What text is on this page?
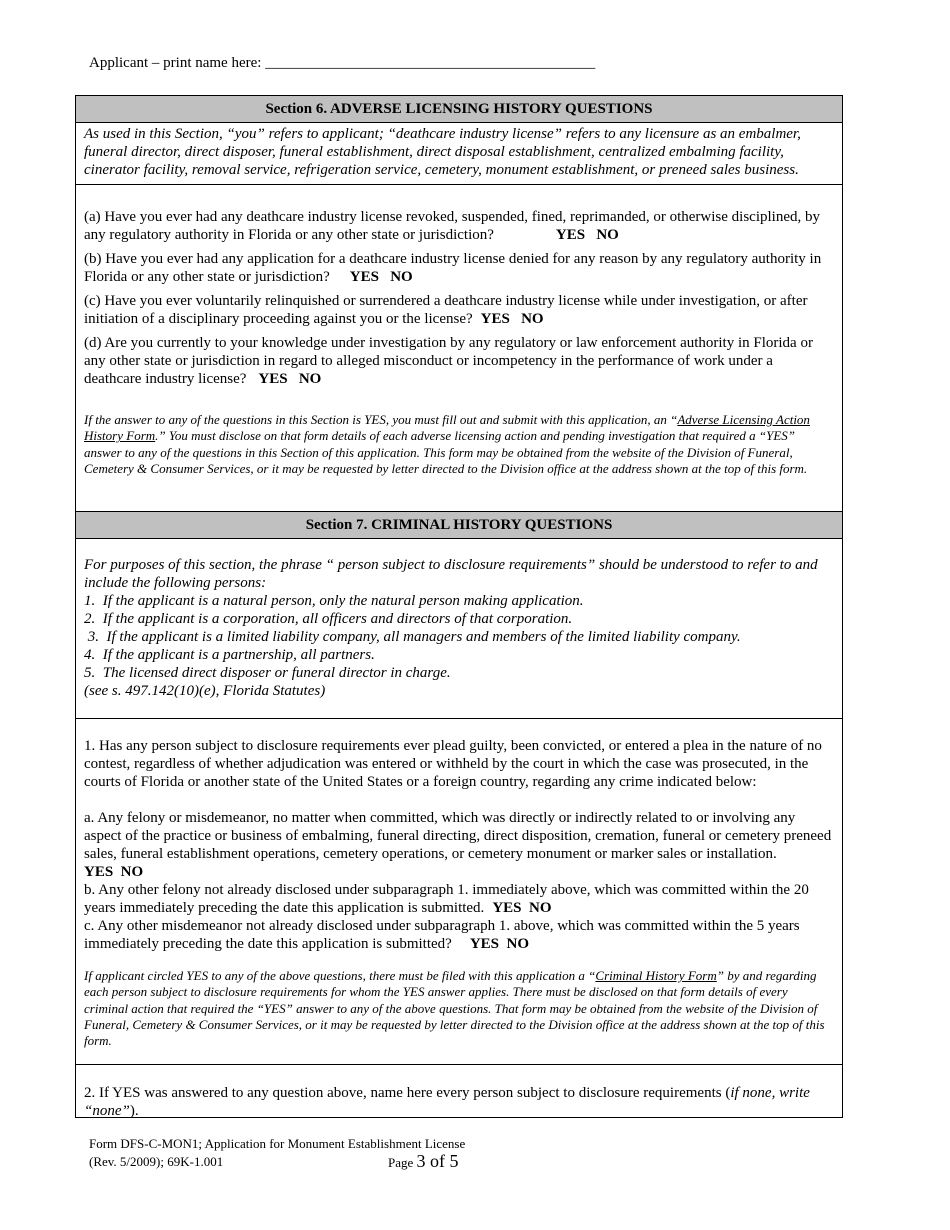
Applicant – print name here: ____________________________________________
Section 6. ADVERSE LICENSING HISTORY QUESTIONS

As used in this Section, “you” refers to applicant; “deathcare industry license” refers to any licensure as an embalmer, funeral director, direct disposer, funeral establishment, direct disposal establishment, centralized embalming facility, cinerator facility, removal service, refrigeration service, cemetery, monument establishment, or preneed sales business.

(a) Have you ever had any deathcare industry license revoked, suspended, fined, reprimanded, or otherwise disciplined, by any regulatory authority in Florida or any other state or jurisdiction?	YES   NO

(b) Have you ever had any application for a deathcare industry license denied for any reason by any regulatory authority in Florida or any other state or jurisdiction? YES   NO

(c) Have you ever voluntarily relinquished or surrendered a deathcare industry license while under investigation, or after initiation of a disciplinary proceeding against you or the license? YES   NO

(d) Are you currently to your knowledge under investigation by any regulatory or law enforcement authority in Florida or any other state or jurisdiction in regard to alleged misconduct or incompetency in the performance of work under a deathcare industry license? YES   NO

If the answer to any of the questions in this Section is YES, you must fill out and submit with this application, an “Adverse Licensing Action History Form.” You must disclose on that form details of each adverse licensing action and pending investigation that required a “YES” answer to any of the questions in this Section of this application. This form may be obtained from the website of the Division of Funeral, Cemetery & Consumer Services, or it may be requested by letter directed to the Division office at the address shown at the top of this form.

Section 7. CRIMINAL HISTORY QUESTIONS

For purposes of this section, the phrase “ person subject to disclosure requirements” should be understood to refer to and include the following persons:

1.  If the applicant is a natural person, only the natural person making application.

2.  If the applicant is a corporation, all officers and directors of that corporation.

3.  If the applicant is a limited liability company, all managers and members of the limited liability company.

4.  If the applicant is a partnership, all partners.

5.  The licensed direct disposer or funeral director in charge.

(see s. 497.142(10)(e), Florida Statutes)

1. Has any person subject to disclosure requirements ever plead guilty, been convicted, or entered a plea in the nature of no contest, regardless of whether adjudication was entered or withheld by the court in which the case was prosecuted, in the courts of Florida or another state of the United States or a foreign country, regarding any crime indicated below:

a. Any felony or misdemeanor, no matter when committed, which was directly or indirectly related to or involving any aspect of the practice or business of embalming, funeral directing, direct disposition, cremation, funeral or cemetery preneed sales, funeral establishment operations, cemetery operations, or cemetery monument or marker sales or installation.YES  NO

b. Any other felony not already disclosed under subparagraph 1. immediately above, which was committed within the 20 years immediately preceding the date this application is submitted. YES  NO

c. Any other misdemeanor not already disclosed under subparagraph 1. above, which was committed within the 5 years immediately preceding the date this application is submitted? YES  NO

If applicant circled YES to any of the above questions, there must be filed with this application a “Criminal History Form” by and regarding each person subject to disclosure requirements for whom the YES answer applies. There must be disclosed on that form details of every criminal action that required the “YES” answer to any of the above questions. That form may be obtained from the website of the Division of Funeral, Cemetery & Consumer Services, or it may be requested by letter directed to the Division office at the address shown at the top of this form.

2. If YES was answered to any question above, name here every person subject to disclosure requirements (if none, write “none”).

Form DFS-C-MON1; Application for Monument Establishment License
(Rev. 5/2009); 69K-1.001	Page 3 of 5
